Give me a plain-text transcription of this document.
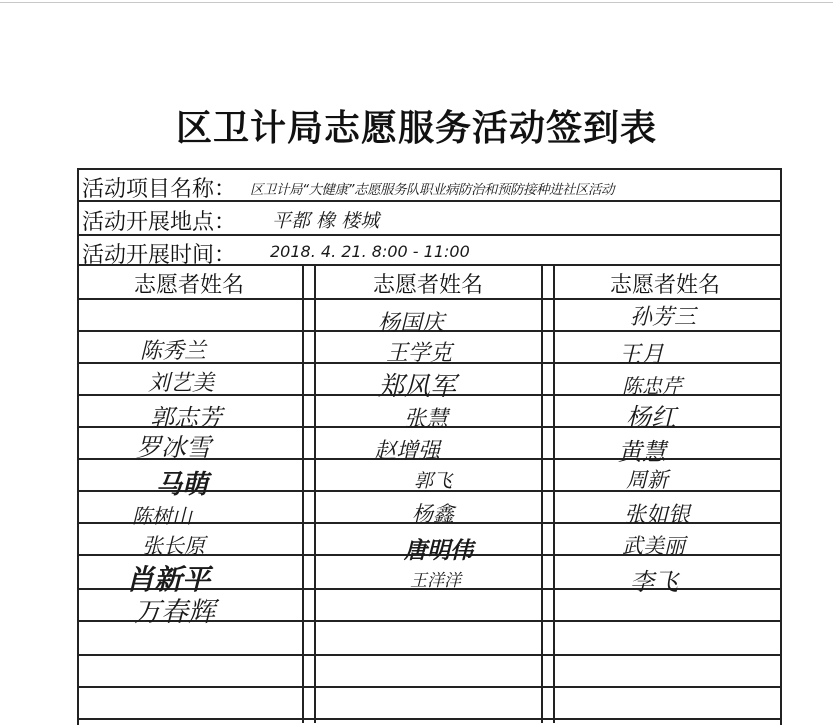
区卫计局志愿服务活动签到表
活动项目名称： 区卫计局“大健康”志愿服务队职业病防治和预防接种进社区活动
活动开展地点： 平都 橡 楼城
活动开展时间： 2018. 4. 21. 8:00 - 11:00
志愿者姓名	志愿者姓名	志愿者姓名
陈秀兰
刘艺美
郭志芳
罗冰雪
马萌
陈树山
张长原
肖新平
万春辉
杨国庆
王学克
郑风军
张慧
赵增强
郭飞
杨鑫
唐明伟
王洋洋
孙芳三
王月
陈忠芹
杨红
黄慧
周新
张如银
武美丽
李飞
